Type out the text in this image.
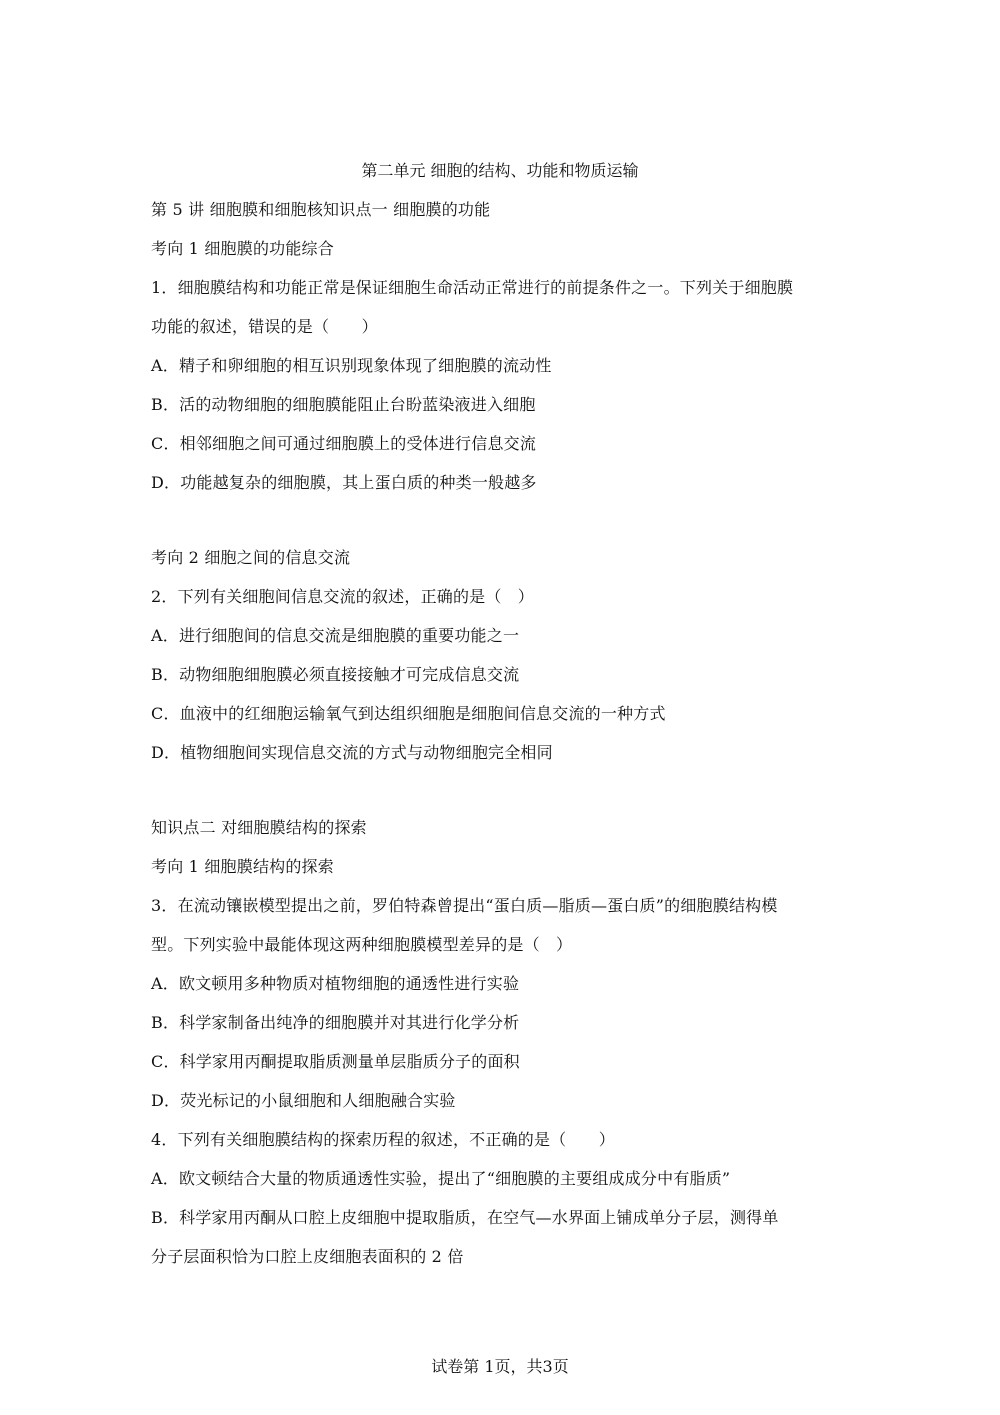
第二单元 细胞的结构、功能和物质运输
第 5 讲 细胞膜和细胞核知识点一 细胞膜的功能
考向 1 细胞膜的功能综合
1．细胞膜结构和功能正常是保证细胞生命活动正常进行的前提条件之一。下列关于细胞膜
功能的叙述，错误的是（　　）
A．精子和卵细胞的相互识别现象体现了细胞膜的流动性
B．活的动物细胞的细胞膜能阻止台盼蓝染液进入细胞
C．相邻细胞之间可通过细胞膜上的受体进行信息交流
D．功能越复杂的细胞膜，其上蛋白质的种类一般越多
考向 2 细胞之间的信息交流
2．下列有关细胞间信息交流的叙述，正确的是（　）
A．进行细胞间的信息交流是细胞膜的重要功能之一
B．动物细胞细胞膜必须直接接触才可完成信息交流
C．血液中的红细胞运输氧气到达组织细胞是细胞间信息交流的一种方式
D．植物细胞间实现信息交流的方式与动物细胞完全相同
知识点二 对细胞膜结构的探索
考向 1 细胞膜结构的探索
3．在流动镶嵌模型提出之前，罗伯特森曾提出“蛋白质—脂质—蛋白质”的细胞膜结构模
型。下列实验中最能体现这两种细胞膜模型差异的是（　）
A．欧文顿用多种物质对植物细胞的通透性进行实验
B．科学家制备出纯净的细胞膜并对其进行化学分析
C．科学家用丙酮提取脂质测量单层脂质分子的面积
D．荧光标记的小鼠细胞和人细胞融合实验
4．下列有关细胞膜结构的探索历程的叙述，不正确的是（　　）
A．欧文顿结合大量的物质通透性实验，提出了“细胞膜的主要组成成分中有脂质”
B．科学家用丙酮从口腔上皮细胞中提取脂质，在空气—水界面上铺成单分子层，测得单
分子层面积恰为口腔上皮细胞表面积的 2 倍
试卷第 1页，共3页
